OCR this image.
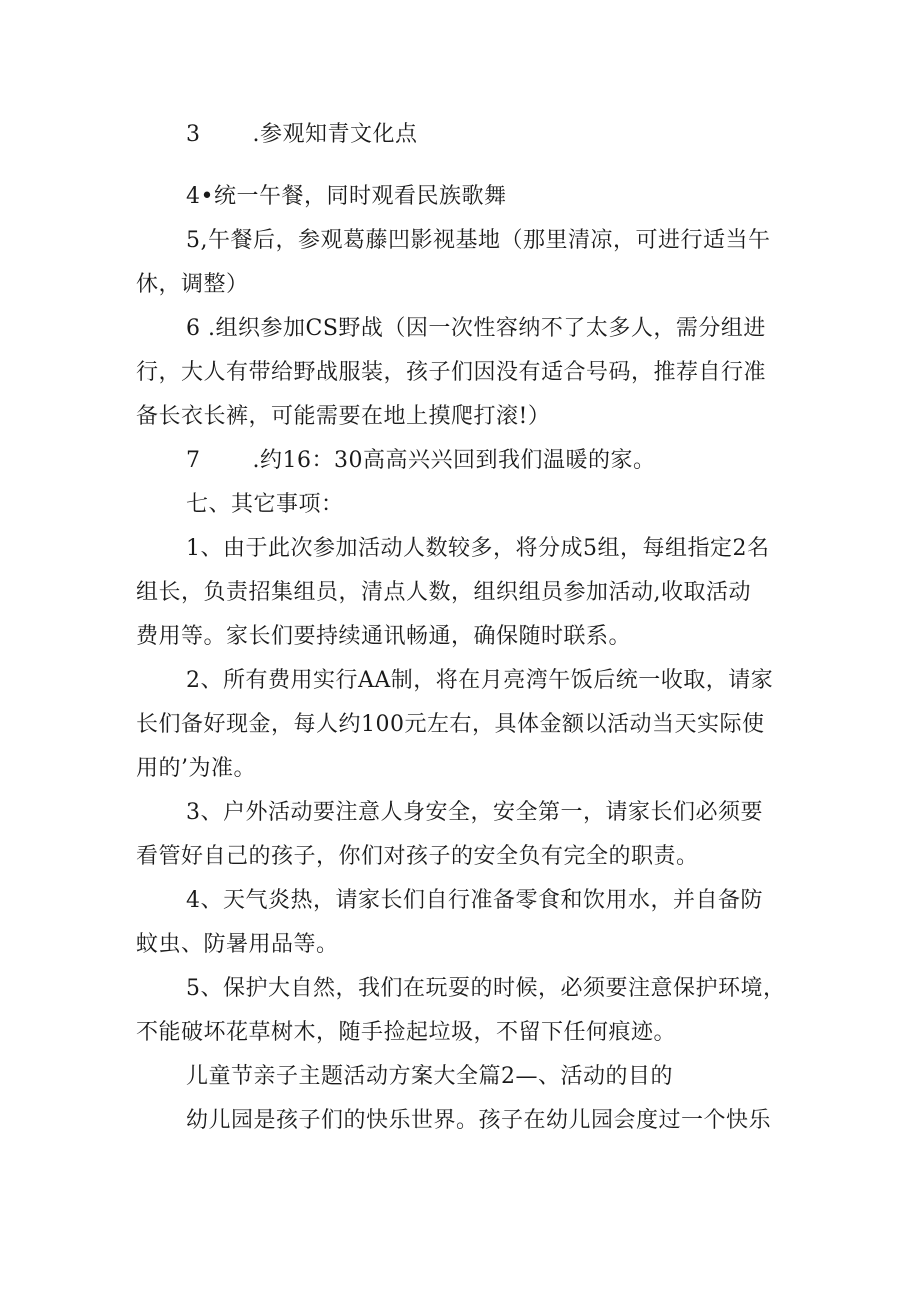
3 .参观知青文化点
4•统一午餐，同时观看民族歌舞
5,午餐后，参观葛藤凹影视基地（那里清凉，可进行适当午
休，调整）
6 .组织参加CS野战（因一次性容纳不了太多人，需分组进
行，大人有带给野战服装，孩子们因没有适合号码，推荐自行准
备长衣长裤，可能需要在地上摸爬打滚!）
7 .约16：30高高兴兴回到我们温暖的家。
七、其它事项：
1、由于此次参加活动人数较多，将分成5组，每组指定2名
组长，负责招集组员，清点人数，组织组员参加活动,收取活动
费用等。家长们要持续通讯畅通，确保随时联系。
2、所有费用实行AA制，将在月亮湾午饭后统一收取，请家
长们备好现金，每人约100元左右，具体金额以活动当天实际使
用的’为准。
3、户外活动要注意人身安全，安全第一，请家长们必须要
看管好自己的孩子，你们对孩子的安全负有完全的职责。
4、天气炎热，请家长们自行准备零食和饮用水，并自备防
蚊虫、防暑用品等。
5、保护大自然，我们在玩耍的时候，必须要注意保护环境，
不能破坏花草树木，随手捡起垃圾，不留下任何痕迹。
儿童节亲子主题活动方案大全篇2—、活动的目的
幼儿园是孩子们的快乐世界。孩子在幼儿园会度过一个快乐
